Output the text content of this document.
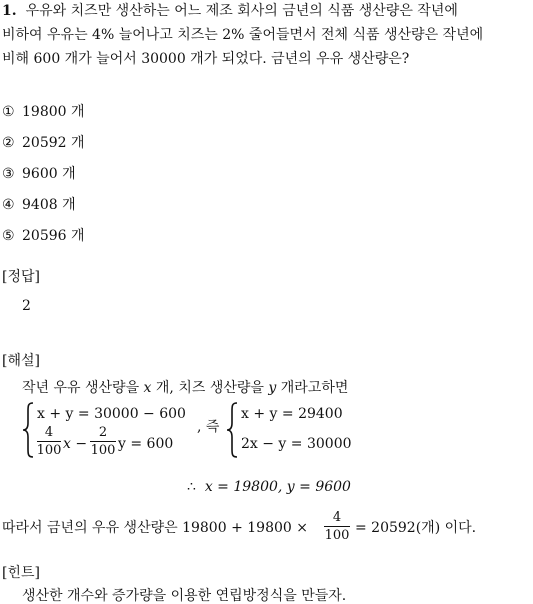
1. 우유와 치즈만 생산하는 어느 제조 회사의 금년의 식품 생산량은 작년에
비하여 우유는 4% 늘어나고 치즈는 2% 줄어들면서 전체 식품 생산량은 작년에
비해 600 개가 늘어서 30000 개가 되었다. 금년의 우유 생산량은?
① 19800 개
② 20592 개
③ 9600 개
④ 9408 개
⑤ 20596 개
[정답]
2
[해설]
작년 우유 생산량을 x 개, 치즈 생산량을 y 개라고하면
x + y = 30000 − 600
4
100 x −
2
100 y = 600
, 즉
x + y = 29400
2x − y = 30000
∴ x = 19800, y = 9600
따라서 금년의 우유 생산량은 19800 + 19800 ×
4
100 = 20592(개) 이다.
[힌트]
생산한 개수와 증가량을 이용한 연립방정식을 만들자.
